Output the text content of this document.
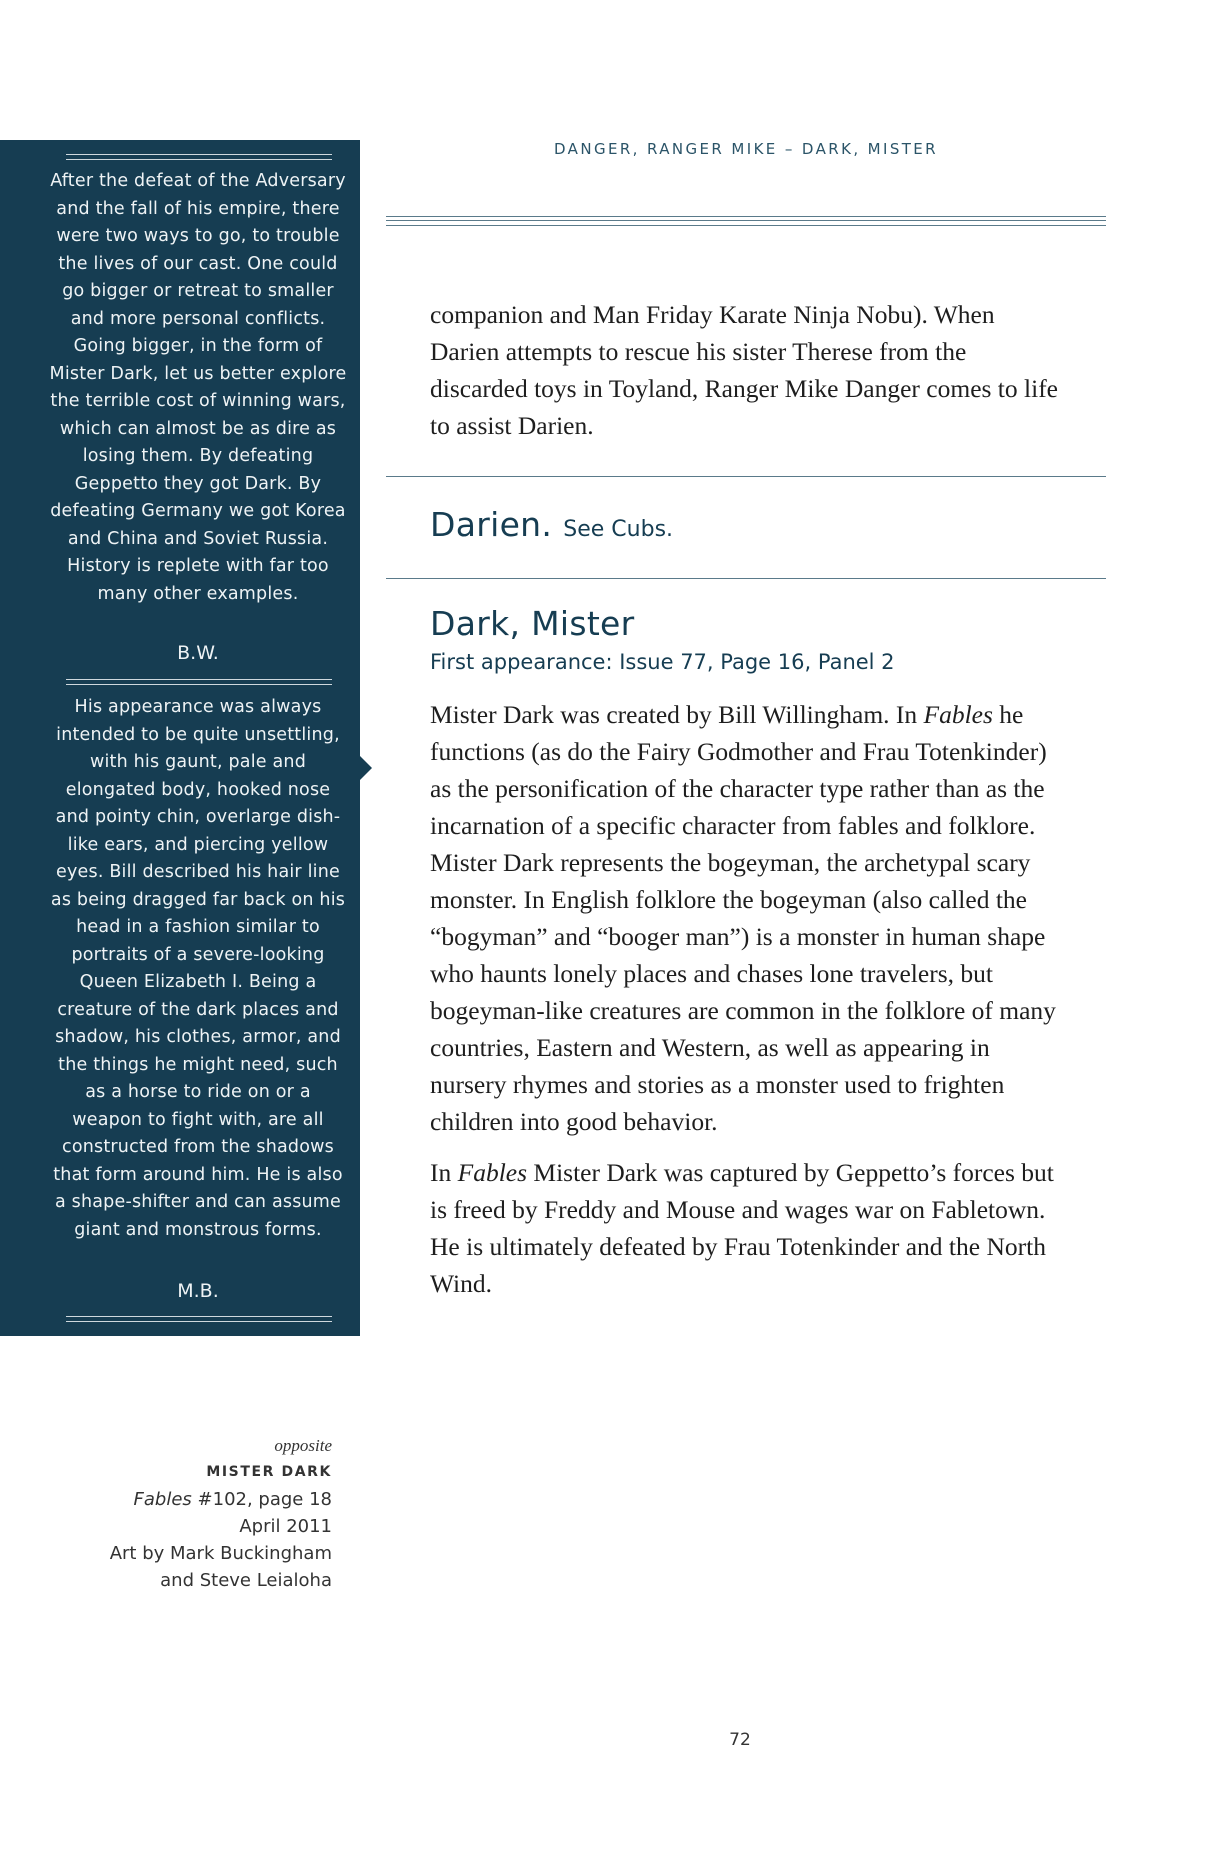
After the defeat of the Adversary and the fall of his empire, there were two ways to go, to trouble the lives of our cast. One could go bigger or retreat to smaller and more personal conflicts. Going bigger, in the form of Mister Dark, let us better explore the terrible cost of winning wars, which can almost be as dire as losing them. By defeating Geppetto they got Dark. By defeating Germany we got Korea and China and Soviet Russia. History is replete with far too many other examples.
B.W.
His appearance was always intended to be quite unsettling, with his gaunt, pale and elongated body, hooked nose and pointy chin, overlarge dish-like ears, and piercing yellow eyes. Bill described his hair line as being dragged far back on his head in a fashion similar to portraits of a severe-looking Queen Elizabeth I. Being a creature of the dark places and shadow, his clothes, armor, and the things he might need, such as a horse to ride on or a weapon to fight with, are all constructed from the shadows that form around him. He is also a shape-shifter and can assume giant and monstrous forms.
M.B.
DANGER, RANGER MIKE – DARK, MISTER

companion and Man Friday Karate Ninja Nobu). When Darien attempts to rescue his sister Therese from the discarded toys in Toyland, Ranger Mike Danger comes to life to assist Darien.

Darien. See Cubs.
Dark, Mister
First appearance: Issue 77, Page 16, Panel 2

Mister Dark was created by Bill Willingham. In Fables he functions (as do the Fairy Godmother and Frau Totenkinder) as the personification of the character type rather than as the incarnation of a specific character from fables and folklore. Mister Dark represents the bogeyman, the archetypal scary monster. In English folklore the bogeyman (also called the “bogyman” and “booger man”) is a monster in human shape who haunts lonely places and chases lone travelers, but bogeyman-like creatures are common in the folklore of many countries, Eastern and Western, as well as appearing in nursery rhymes and stories as a monster used to frighten children into good behavior.

In Fables Mister Dark was captured by Geppetto’s forces but is freed by Freddy and Mouse and wages war on Fabletown. He is ultimately defeated by Frau Totenkinder and the North Wind.

opposite
MISTER DARK
Fables #102, page 18
April 2011
Art by Mark Buckingham
and Steve Leialoha
72
